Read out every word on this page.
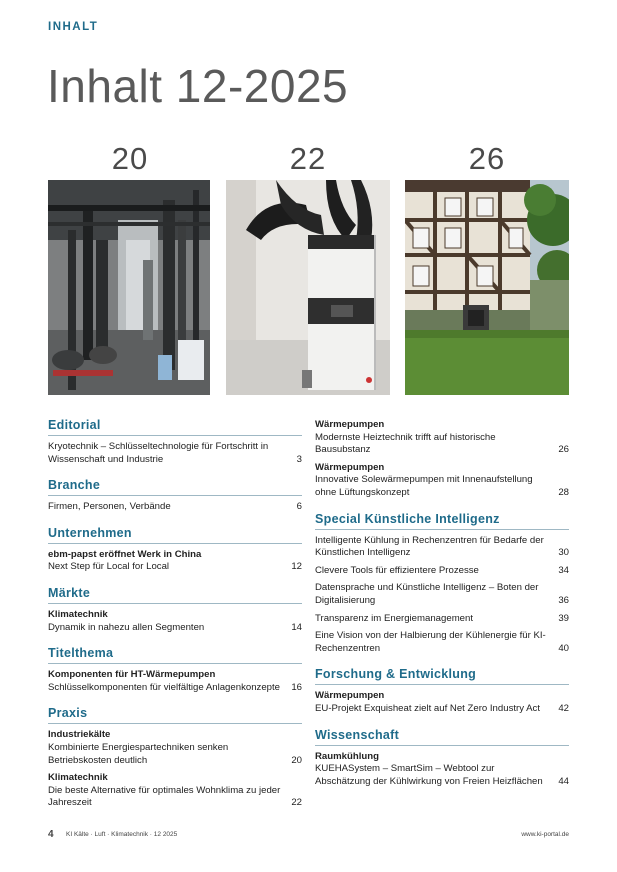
INHALT
Inhalt 12-2025
20	22	26
Editorial
Kryotechnik – Schlüsseltechnologie für Fortschritt in Wissenschaft und Industrie	3
Branche
Firmen, Personen, Verbände	6
Unternehmen
ebm-papst eröffnet Werk in China
Next Step für Local for Local	12
Märkte
Klimatechnik
Dynamik in nahezu allen Segmenten	14
Titelthema
Komponenten für HT-Wärmepumpen
Schlüsselkomponenten für vielfältige Anlagenkonzepte	16
Praxis
Industriekälte
Kombinierte Energiespartechniken senken Betriebskosten deutlich	20
Klimatechnik
Die beste Alternative für optimales Wohnklima zu jeder Jahreszeit	22
Wärmepumpen
Modernste Heiztechnik trifft auf historische Bausubstanz	26
Wärmepumpen
Innovative Solewärmepumpen mit Innenaufstellung ohne Lüftungskonzept	28
Special Künstliche Intelligenz
Intelligente Kühlung in Rechenzentren für Bedarfe der Künstlichen Intelligenz	30
Clevere Tools für effizientere Prozesse	34
Datensprache und Künstliche Intelligenz – Boten der Digitalisierung	36
Transparenz im Energiemanagement	39
Eine Vision von der Halbierung der Kühlenergie für KI-Rechenzentren	40
Forschung & Entwicklung
Wärmepumpen
EU-Projekt Exquisheat zielt auf Net Zero Industry Act	42
Wissenschaft
Raumkühlung
KUEHASystem – SmartSim – Webtool zur Abschätzung der Kühlwirkung von Freien Heizflächen	44
4 KI Kälte · Luft · Klimatechnik · 12 2025	www.ki-portal.de
